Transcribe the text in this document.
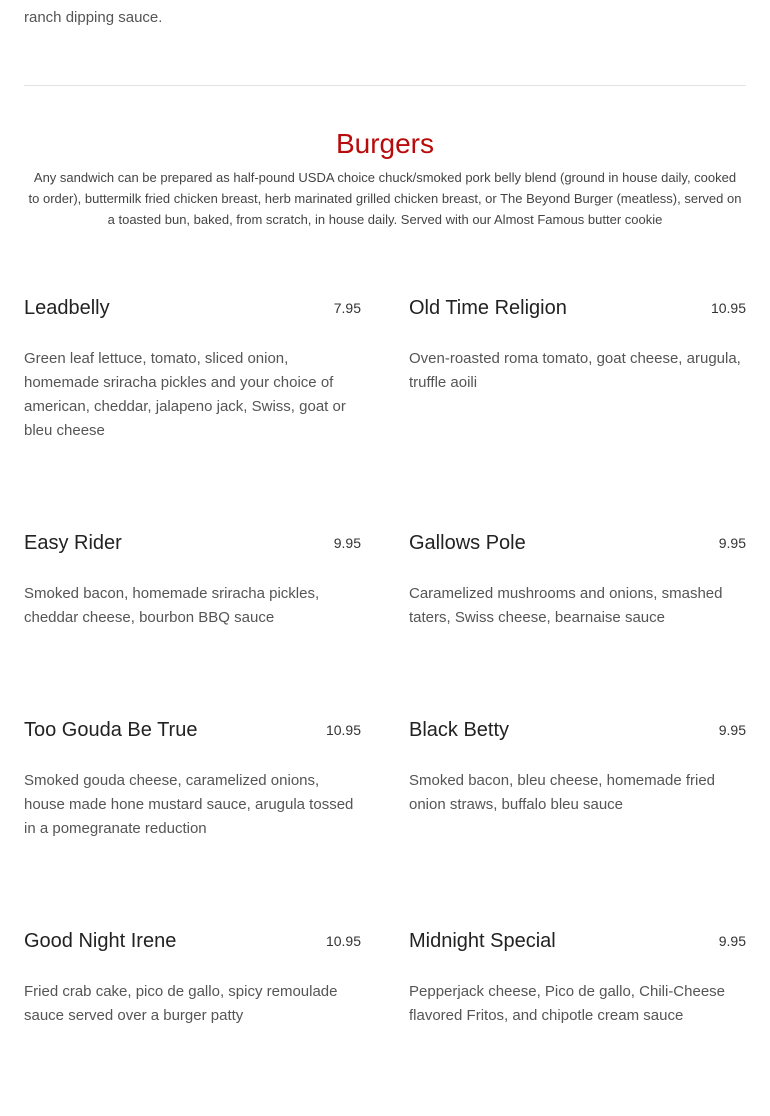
ranch dipping sauce.
Burgers

Any sandwich can be prepared as half-pound USDA choice chuck/smoked pork belly blend (ground in house daily, cooked to order), buttermilk fried chicken breast, herb marinated grilled chicken breast, or The Beyond Burger (meatless), served on a toasted bun, baked, from scratch, in house daily. Served with our Almost Famous butter cookie

Leadbelly	7.95
Green leaf lettuce, tomato, sliced onion, homemade sriracha pickles and your choice of american, cheddar, jalapeno jack, Swiss, goat or bleu cheese
Old Time Religion	10.95
Oven-roasted roma tomato, goat cheese, arugula, truffle aoili
Easy Rider	9.95
Smoked bacon, homemade sriracha pickles, cheddar cheese, bourbon BBQ sauce
Gallows Pole	9.95
Caramelized mushrooms and onions, smashed taters, Swiss cheese, bearnaise sauce
Too Gouda Be True	10.95
Smoked gouda cheese, caramelized onions, house made hone mustard sauce, arugula tossed in a pomegranate reduction
Black Betty	9.95
Smoked bacon, bleu cheese, homemade fried onion straws, buffalo bleu sauce
Good Night Irene	10.95
Fried crab cake, pico de gallo, spicy remoulade sauce served over a burger patty
Midnight Special	9.95
Pepperjack cheese, Pico de gallo, Chili-Cheese flavored Fritos, and chipotle cream sauce
